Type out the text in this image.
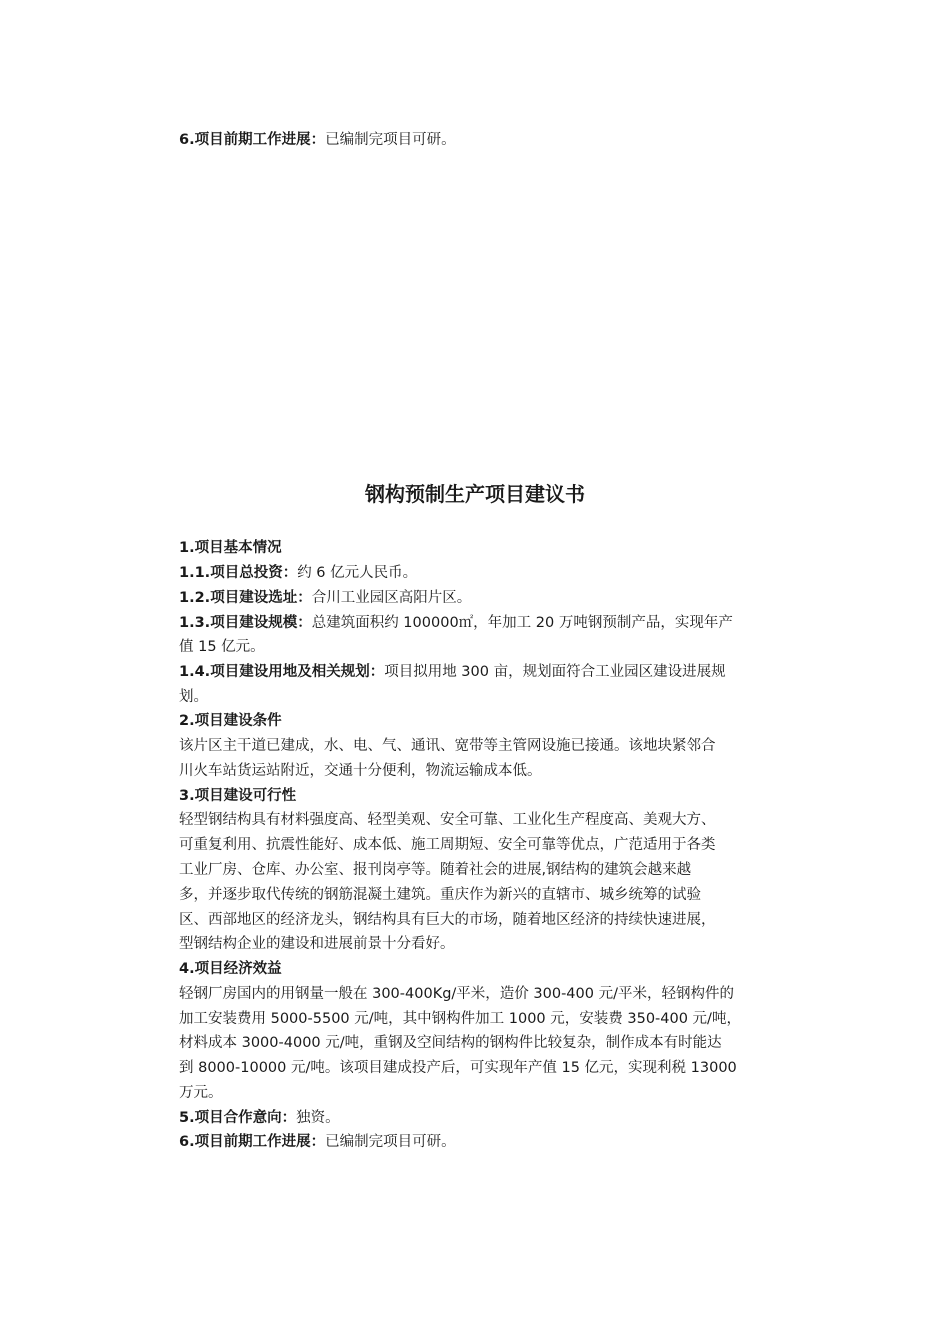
6.项目前期工作进展：已编制完项目可研。
钢构预制生产项目建议书
1.项目基本情况
1.1.项目总投资：约 6 亿元人民币。
1.2.项目建设选址：合川工业园区高阳片区。
1.3.项目建设规模：总建筑面积约 100000㎡，年加工 20 万吨钢预制产品，实现年产
值 15 亿元。
1.4.项目建设用地及相关规划：项目拟用地 300 亩，规划面符合工业园区建设进展规
划。
2.项目建设条件
该片区主干道已建成，水、电、气、通讯、宽带等主管网设施已接通。该地块紧邻合
川火车站货运站附近，交通十分便利，物流运输成本低。
3.项目建设可行性
轻型钢结构具有材料强度高、轻型美观、安全可靠、工业化生产程度高、美观大方、
可重复利用、抗震性能好、成本低、施工周期短、安全可靠等优点，广范适用于各类
工业厂房、仓库、办公室、报刊岗亭等。随着社会的进展,钢结构的建筑会越来越
多，并逐步取代传统的钢筋混凝土建筑。重庆作为新兴的直辖市、城乡统筹的试验
区、西部地区的经济龙头，钢结构具有巨大的市场，随着地区经济的持续快速进展，
型钢结构企业的建设和进展前景十分看好。
4.项目经济效益
轻钢厂房国内的用钢量一般在 300-400Kg/平米，造价 300-400 元/平米，轻钢构件的
加工安装费用 5000-5500 元/吨，其中钢构件加工 1000 元，安装费 350-400 元/吨，
材料成本 3000-4000 元/吨，重钢及空间结构的钢构件比较复杂，制作成本有时能达
到 8000-10000 元/吨。该项目建成投产后，可实现年产值 15 亿元，实现利税 13000
万元。
5.项目合作意向：独资。
6.项目前期工作进展：已编制完项目可研。
